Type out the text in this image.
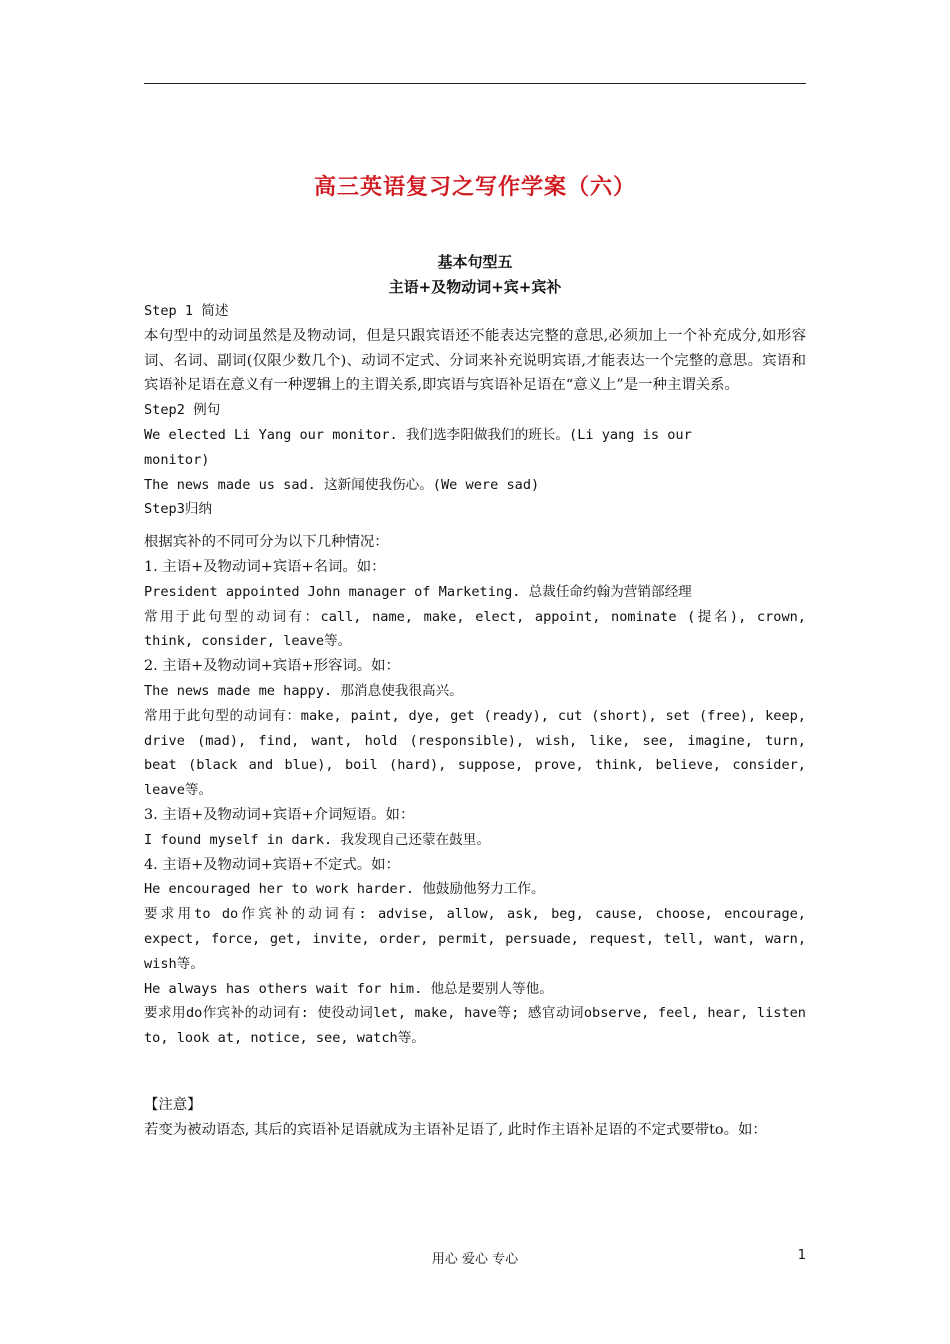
高三英语复习之写作学案（六）
基本句型五
主语+及物动词+宾+宾补

Step 1 简述

本句型中的动词虽然是及物动词，但是只跟宾语还不能表达完整的意思,必须加上一个补充成分,如形容词、名词、副词(仅限少数几个)、动词不定式、分词来补充说明宾语,才能表达一个完整的意思。宾语和宾语补足语在意义有一种逻辑上的主谓关系,即宾语与宾语补足语在“意义上”是一种主谓关系。

Step2 例句

We elected Li Yang our monitor. 我们选李阳做我们的班长。(Li yang is our monitor)

The news made us sad. 这新闻使我伤心。(We were sad)

Step3归纳

根据宾补的不同可分为以下几种情况：

1. 主语+及物动词+宾语+名词。如：

President appointed John manager of Marketing. 总裁任命约翰为营销部经理

常用于此句型的动词有：call, name, make, elect, appoint, nominate (提名), crown, think, consider, leave等。

2. 主语+及物动词+宾语+形容词。如：

The news made me happy. 那消息使我很高兴。

常用于此句型的动词有：make, paint, dye, get (ready), cut (short), set (free), keep, drive (mad), find, want, hold (responsible), wish, like, see, imagine, turn, beat (black and blue), boil (hard), suppose, prove, think, believe, consider, leave等。

3. 主语+及物动词+宾语+介词短语。如：

I found myself in dark. 我发现自己还蒙在鼓里。

4. 主语+及物动词+宾语+不定式。如：

He encouraged her to work harder. 他鼓励他努力工作。

要求用to do作宾补的动词有: advise, allow, ask, beg, cause, choose, encourage, expect, force, get, invite, order, permit, persuade, request, tell, want, warn, wish等。

He always has others wait for him. 他总是要别人等他。

要求用do作宾补的动词有: 使役动词let, make, have等; 感官动词observe, feel, hear, listen to, look at, notice, see, watch等。

【注意】

若变为被动语态, 其后的宾语补足语就成为主语补足语了, 此时作主语补足语的不定式要带to。如：

用心 爱心 专心	1
